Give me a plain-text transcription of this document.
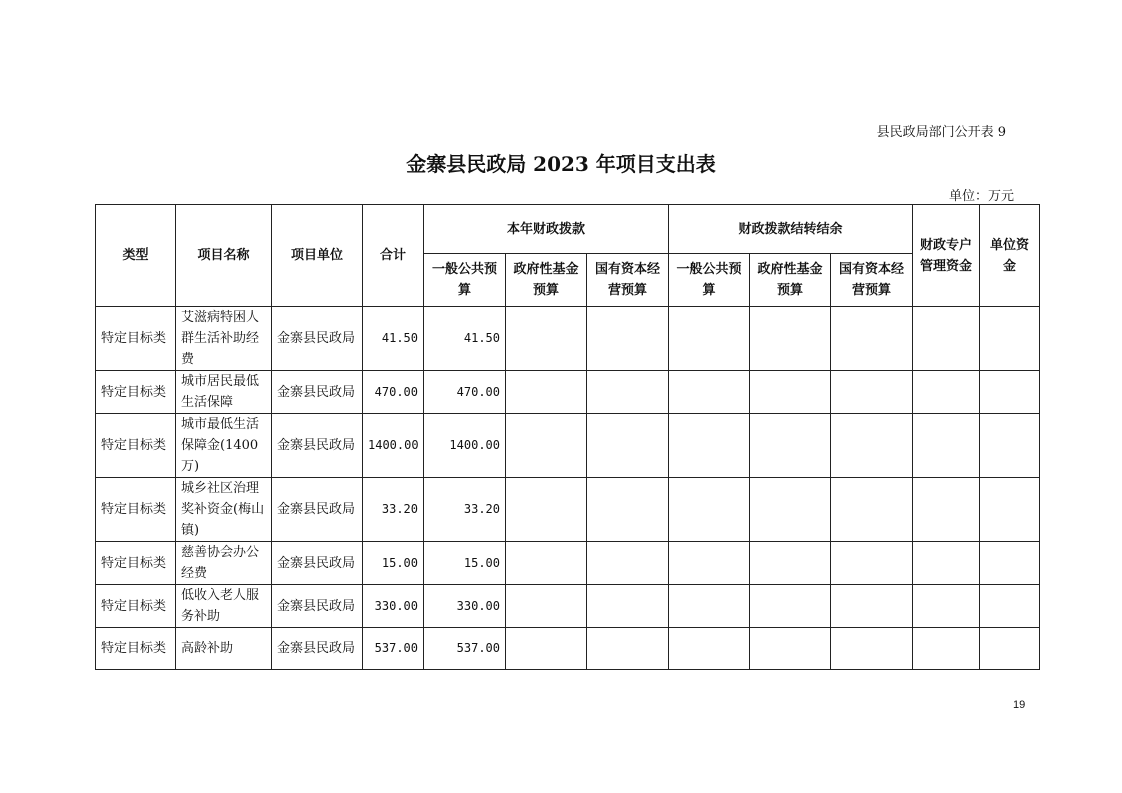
县民政局部门公开表 9
金寨县民政局 2023 年项目支出表
单位：万元
类型	项目名称	项目单位	合计	本年财政拨款			财政拨款结转结余			财政专户管理资金	单位资金
				一般公共预算	政府性基金预算	国有资本经营预算	一般公共预算	政府性基金预算	国有资本经营预算		
特定目标类	艾滋病特困人群生活补助经费	金寨县民政局	41.50	41.50							
特定目标类	城市居民最低生活保障	金寨县民政局	470.00	470.00							
特定目标类	城市最低生活保障金(1400万)	金寨县民政局	1400.00	1400.00							
特定目标类	城乡社区治理奖补资金(梅山镇)	金寨县民政局	33.20	33.20							
特定目标类	慈善协会办公经费	金寨县民政局	15.00	15.00							
特定目标类	低收入老人服务补助	金寨县民政局	330.00	330.00							
特定目标类	高龄补助	金寨县民政局	537.00	537.00							
19
